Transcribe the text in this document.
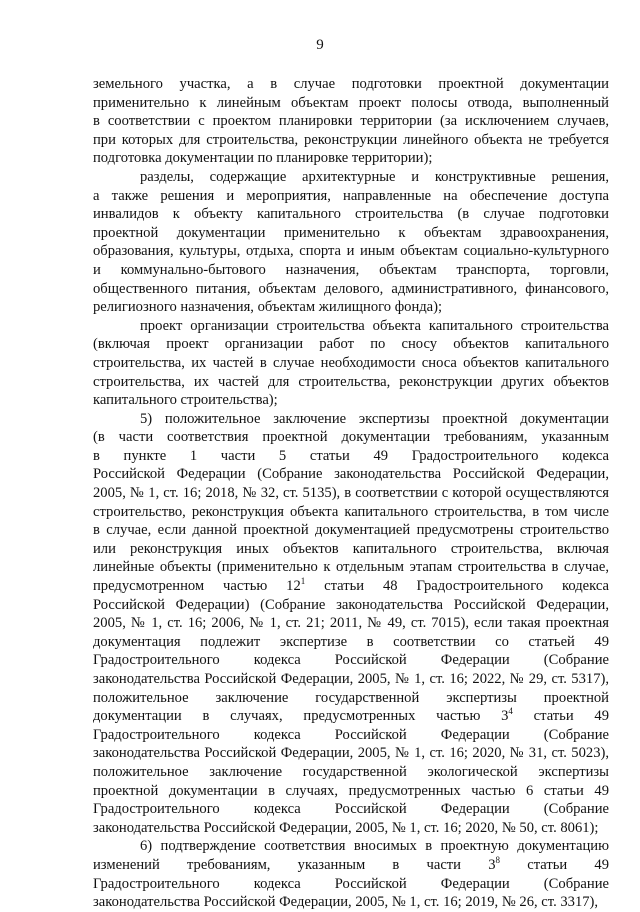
9
земельного участка, а в случае подготовки проектной документации
применительно к линейным объектам проект полосы отвода, выполненный
в соответствии с проектом планировки территории (за исключением случаев,
при которых для строительства, реконструкции линейного объекта не требуется
подготовка документации по планировке территории);
разделы, содержащие архитектурные и конструктивные решения,
а также решения и мероприятия, направленные на обеспечение доступа
инвалидов к объекту капитального строительства (в случае подготовки
проектной документации применительно к объектам здравоохранения,
образования, культуры, отдыха, спорта и иным объектам социально-культурного
и коммунально-бытового назначения, объектам транспорта, торговли,
общественного питания, объектам делового, административного, финансового,
религиозного назначения, объектам жилищного фонда);
проект организации строительства объекта капитального строительства
(включая проект организации работ по сносу объектов капитального
строительства, их частей в случае необходимости сноса объектов капитального
строительства, их частей для строительства, реконструкции других объектов
капитального строительства);
5) положительное заключение экспертизы проектной документации
(в части соответствия проектной документации требованиям, указанным
в пункте 1 части 5 статьи 49 Градостроительного кодекса
Российской Федерации (Собрание законодательства Российской Федерации,
2005, № 1, ст. 16; 2018, № 32, ст. 5135), в соответствии с которой осуществляются
строительство, реконструкция объекта капитального строительства, в том числе
в случае, если данной проектной документацией предусмотрены строительство
или реконструкция иных объектов капитального строительства, включая
линейные объекты (применительно к отдельным этапам строительства в случае,
предусмотренном частью $12^1$ статьи 48 Градостроительного кодекса
Российской Федерации) (Собрание законодательства Российской Федерации,
2005, № 1, ст. 16; 2006, № 1, ст. 21; 2011, № 49, ст. 7015), если такая проектная
документация подлежит экспертизе в соответствии со статьей 49
Градостроительного кодекса Российской Федерации (Собрание
законодательства Российской Федерации, 2005, № 1, ст. 16; 2022, № 29, ст. 5317),
положительное заключение государственной экспертизы проектной
документации в случаях, предусмотренных частью $3^4$ статьи 49
Градостроительного кодекса Российской Федерации (Собрание
законодательства Российской Федерации, 2005, № 1, ст. 16; 2020, № 31, ст. 5023),
положительное заключение государственной экологической экспертизы
проектной документации в случаях, предусмотренных частью 6 статьи 49
Градостроительного кодекса Российской Федерации (Собрание
законодательства Российской Федерации, 2005, № 1, ст. 16; 2020, № 50, ст. 8061);
6) подтверждение соответствия вносимых в проектную документацию
изменений требованиям, указанным в части $3^8$ статьи 49
Градостроительного кодекса Российской Федерации (Собрание
законодательства Российской Федерации, 2005, № 1, ст. 16; 2019, № 26, ст. 3317),
